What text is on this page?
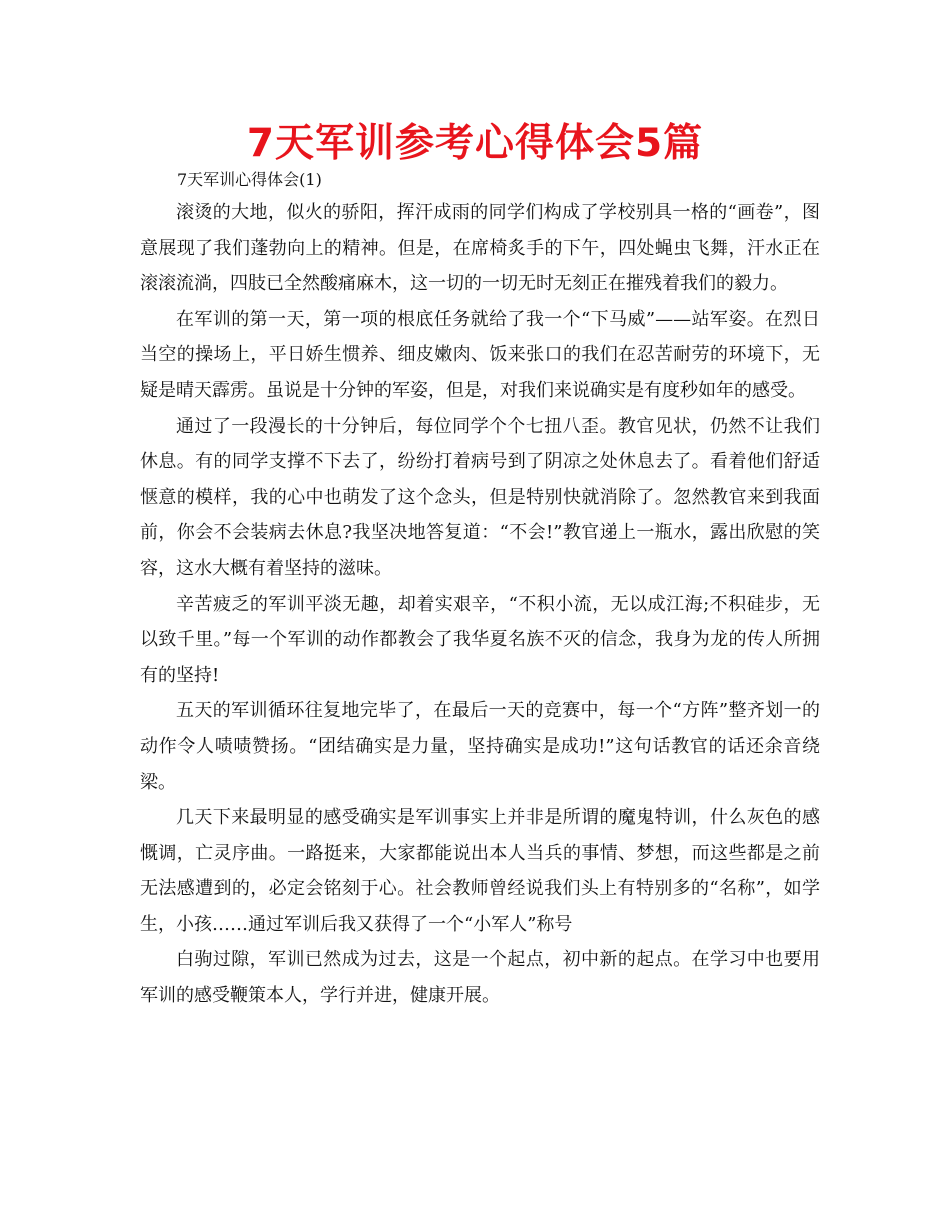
7天军训参考心得体会5篇
7天军训心得体会(1)

滚烫的大地，似火的骄阳，挥汗成雨的同学们构成了学校别具一格的“画卷”，图意展现了我们蓬勃向上的精神。但是，在席椅炙手的下午，四处蝇虫飞舞，汗水正在滚滚流淌，四肢已全然酸痛麻木，这一切的一切无时无刻正在摧残着我们的毅力。

在军训的第一天，第一项的根底任务就给了我一个“下马威”——站军姿。在烈日当空的操场上，平日娇生惯养、细皮嫩肉、饭来张口的我们在忍苦耐劳的环境下，无疑是晴天霹雳。虽说是十分钟的军姿，但是，对我们来说确实是有度秒如年的感受。

通过了一段漫长的十分钟后，每位同学个个七扭八歪。教官见状，仍然不让我们休息。有的同学支撑不下去了，纷纷打着病号到了阴凉之处休息去了。看着他们舒适惬意的模样，我的心中也萌发了这个念头，但是特别快就消除了。忽然教官来到我面前，你会不会装病去休息?我坚决地答复道：“不会!”教官递上一瓶水，露出欣慰的笑容，这水大概有着坚持的滋味。

辛苦疲乏的军训平淡无趣，却着实艰辛，“不积小流，无以成江海;不积硅步，无以致千里。”每一个军训的动作都教会了我华夏名族不灭的信念，我身为龙的传人所拥有的坚持!

五天的军训循环往复地完毕了，在最后一天的竞赛中，每一个“方阵”整齐划一的动作令人啧啧赞扬。“团结确实是力量，坚持确实是成功!”这句话教官的话还余音绕梁。

几天下来最明显的感受确实是军训事实上并非是所谓的魔鬼特训，什么灰色的感慨调，亡灵序曲。一路挺来，大家都能说出本人当兵的事情、梦想，而这些都是之前无法感遭到的，必定会铭刻于心。社会教师曾经说我们头上有特别多的“名称”，如学生，小孩……通过军训后我又获得了一个“小军人”称号

白驹过隙，军训已然成为过去，这是一个起点，初中新的起点。在学习中也要用军训的感受鞭策本人，学行并进，健康开展。
